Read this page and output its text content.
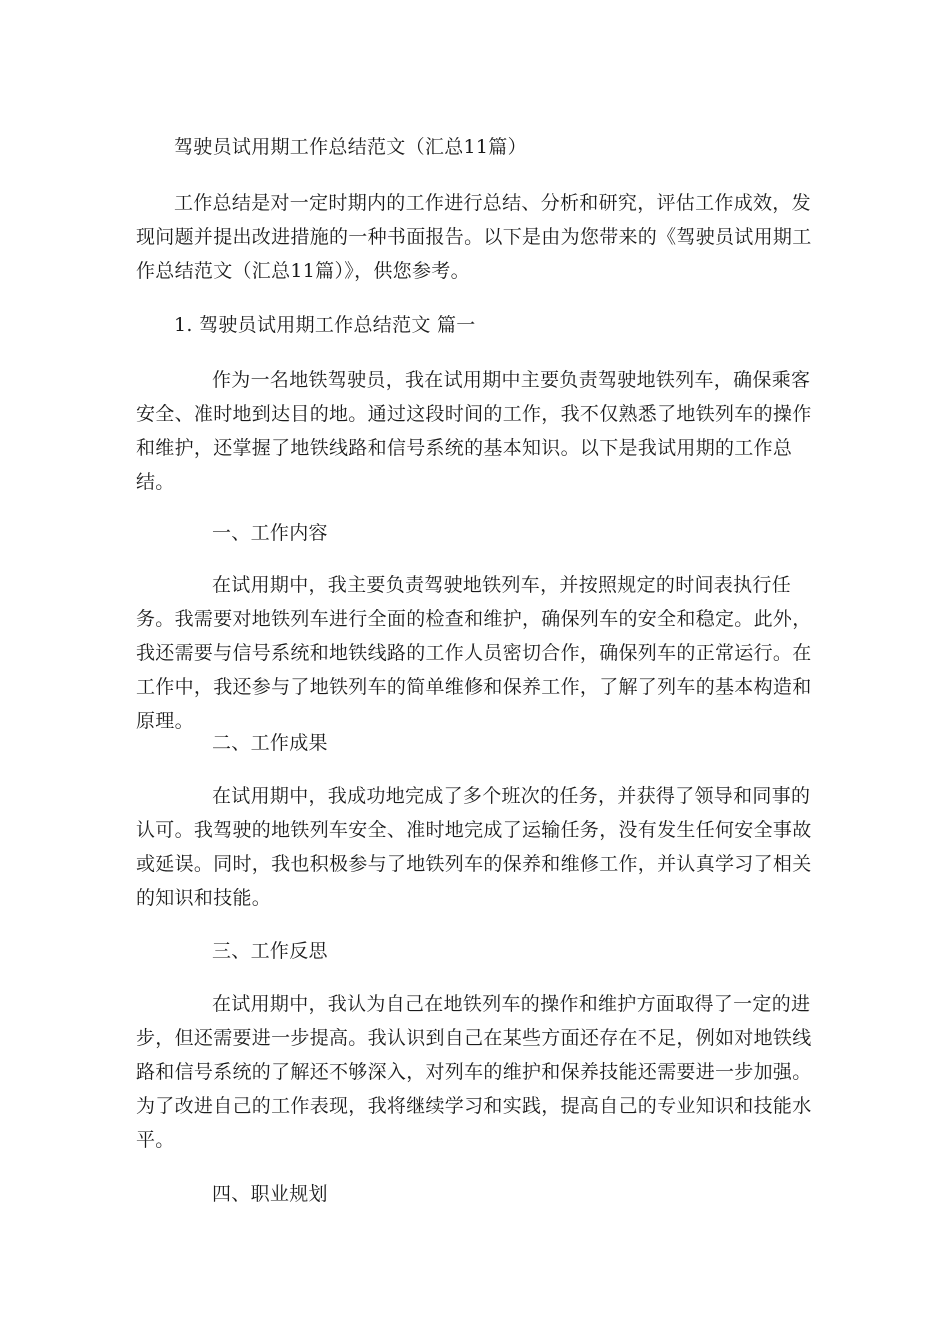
驾驶员试用期工作总结范文（汇总11篇）

工作总结是对一定时期内的工作进行总结、分析和研究，评估工作成效，发现问题并提出改进措施的一种书面报告。以下是由为您带来的《驾驶员试用期工作总结范文（汇总11篇）》，供您参考。

1. 驾驶员试用期工作总结范文 篇一

作为一名地铁驾驶员，我在试用期中主要负责驾驶地铁列车，确保乘客安全、准时地到达目的地。通过这段时间的工作，我不仅熟悉了地铁列车的操作和维护，还掌握了地铁线路和信号系统的基本知识。以下是我试用期的工作总结。

一、工作内容

在试用期中，我主要负责驾驶地铁列车，并按照规定的时间表执行任务。我需要对地铁列车进行全面的检查和维护，确保列车的安全和稳定。此外，我还需要与信号系统和地铁线路的工作人员密切合作，确保列车的正常运行。在工作中，我还参与了地铁列车的简单维修和保养工作，了解了列车的基本构造和原理。

二、工作成果

在试用期中，我成功地完成了多个班次的任务，并获得了领导和同事的认可。我驾驶的地铁列车安全、准时地完成了运输任务，没有发生任何安全事故或延误。同时，我也积极参与了地铁列车的保养和维修工作，并认真学习了相关的知识和技能。

三、工作反思

在试用期中，我认为自己在地铁列车的操作和维护方面取得了一定的进步，但还需要进一步提高。我认识到自己在某些方面还存在不足，例如对地铁线路和信号系统的了解还不够深入，对列车的维护和保养技能还需要进一步加强。为了改进自己的工作表现，我将继续学习和实践，提高自己的专业知识和技能水平。

四、职业规划
